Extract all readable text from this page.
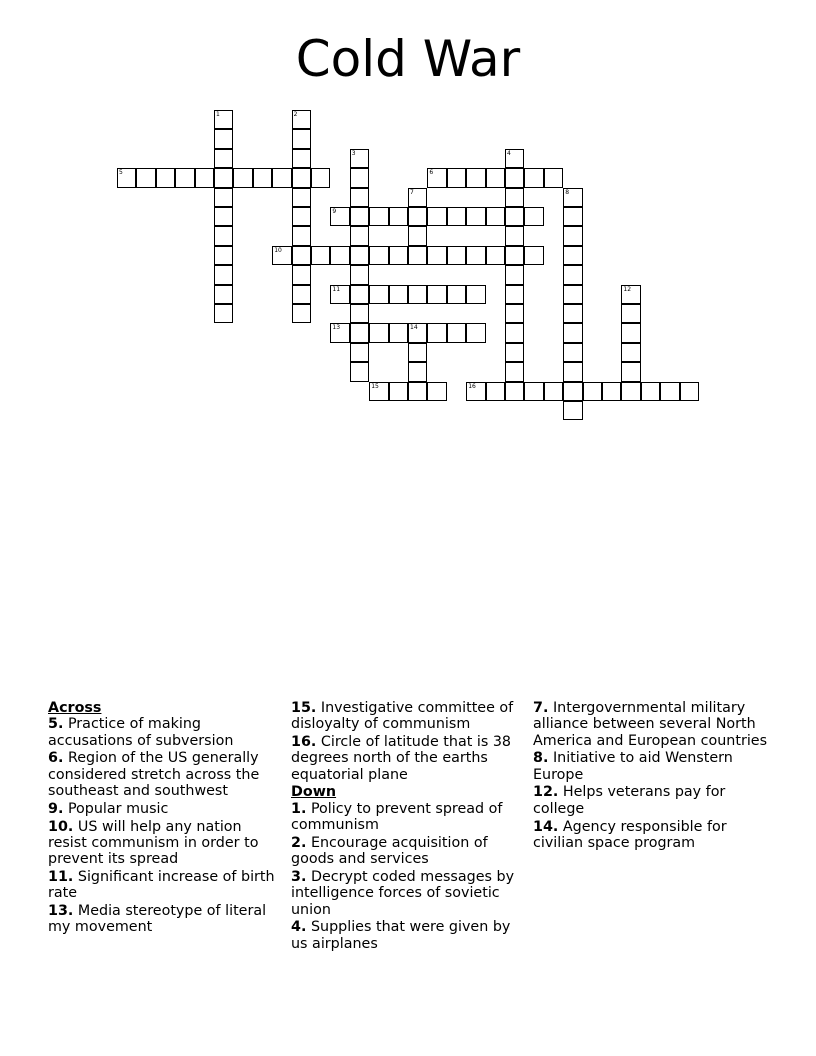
Cold War
1	2
3	4
5	6
7	8
9
10
11	12
13	14
15	16
Across
5. Practice of making accusations of subversion
6. Region of the US generally considered stretch across the southeast and southwest
9. Popular music
10. US will help any nation resist communism in order to prevent its spread
11. Significant increase of birth rate
13. Media stereotype of literal my movement
15. Investigative committee of disloyalty of communism
16. Circle of latitude that is 38 degrees north of the earths equatorial plane
Down
1. Policy to prevent spread of communism
2. Encourage acquisition of goods and services
3. Decrypt coded messages by intelligence forces of sovietic union
4. Supplies that were given by us airplanes
7. Intergovernmental military alliance between several North America and European countries
8. Initiative to aid Wenstern Europe
12. Helps veterans pay for college
14. Agency responsible for civilian space program
